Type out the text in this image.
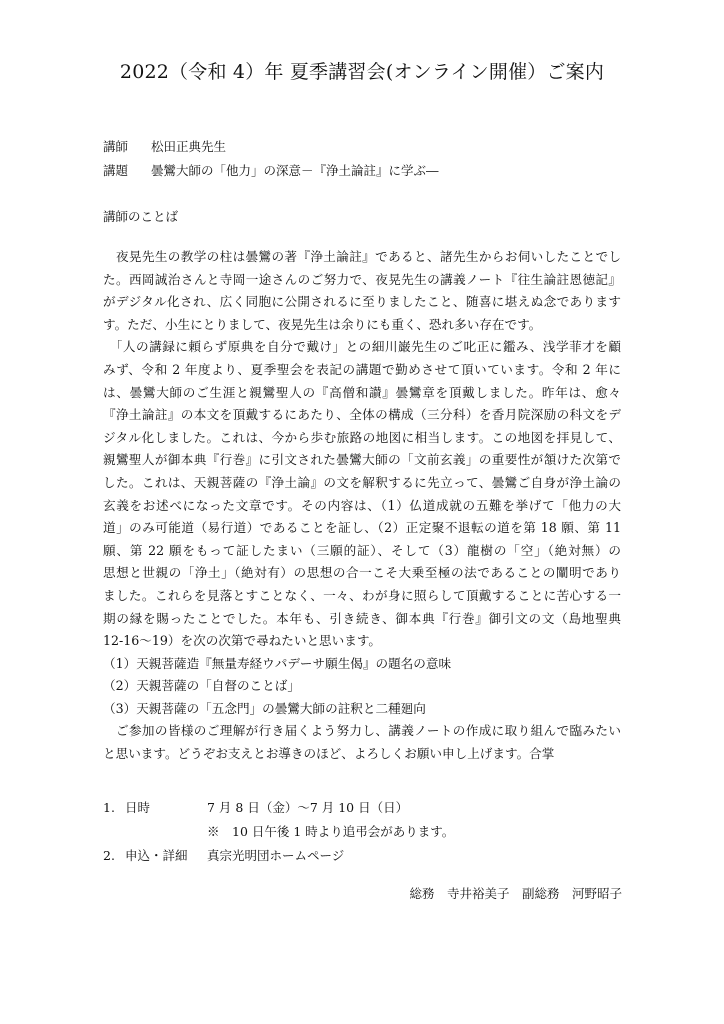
2022（令和 4）年 夏季講習会(オンライン開催）ご案内
講師 松田正典先生
講題 曇鸞大師の「他力」の深意－『浄土論註』に学ぶ―
講師のことば
　夜晃先生の教学の柱は曇鸞の著『浄土論註』であると、諸先生からお伺いしたことでし
た。西岡誠治さんと寺岡一途さんのご努力で、夜晃先生の講義ノート『往生論註恩徳記』
がデジタル化され、広く同胞に公開されるに至りましたこと、随喜に堪えぬ念であります
す。ただ、小生にとりまして、夜晃先生は余りにも重く、恐れ多い存在です。
　「人の講録に頼らず原典を自分で戴け」との細川巌先生のご叱正に鑑み、浅学菲才を顧
みず、令和 2 年度より、夏季聖会を表記の講題で勤めさせて頂いています。令和 2 年に
は、曇鸞大師のご生涯と親鸞聖人の『高僧和讃』曇鸞章を頂戴しました。昨年は、愈々
『浄土論註』の本文を頂戴するにあたり、全体の構成（三分科）を香月院深励の科文をデ
ジタル化しました。これは、今から歩む旅路の地図に相当します。この地図を拝見して、
親鸞聖人が御本典『行巻』に引文された曇鸞大師の「文前玄義」の重要性が頷けた次第で
した。これは、天親菩薩の『浄土論』の文を解釈するに先立って、曇鸞ご自身が浄土論の
玄義をお述べになった文章です。その内容は、（1）仏道成就の五難を挙げて「他力の大
道」のみ可能道（易行道）であることを証し、（2）正定聚不退転の道を第 18 願、第 11
願、第 22 願をもって証したまい（三願的証）、そして（3）龍樹の「空」（絶対無）の
思想と世親の「浄土」（絶対有）の思想の合一こそ大乗至極の法であることの闡明であり
ました。これらを見落とすことなく、一々、わが身に照らして頂戴することに苦心する一
期の縁を賜ったことでした。本年も、引き続き、御本典『行巻』御引文の文（島地聖典
12-16～19）を次の次第で尋ねたいと思います。
（1）天親菩薩造『無量寿経ウパデーサ願生偈』の題名の意味
（2）天親菩薩の「自督のことば」
（3）天親菩薩の「五念門」の曇鸞大師の註釈と二種廻向
　ご参加の皆様のご理解が行き届くよう努力し、講義ノートの作成に取り組んで臨みたい
と思います。どうぞお支えとお導きのほど、よろしくお願い申し上げます。合掌
1. 日時	7 月 8 日（金）～7 月 10 日（日）
※　10 日午後 1 時より追弔会があります。
2. 申込・詳細 真宗光明団ホームページ
総務　寺井裕美子　副総務　河野昭子
